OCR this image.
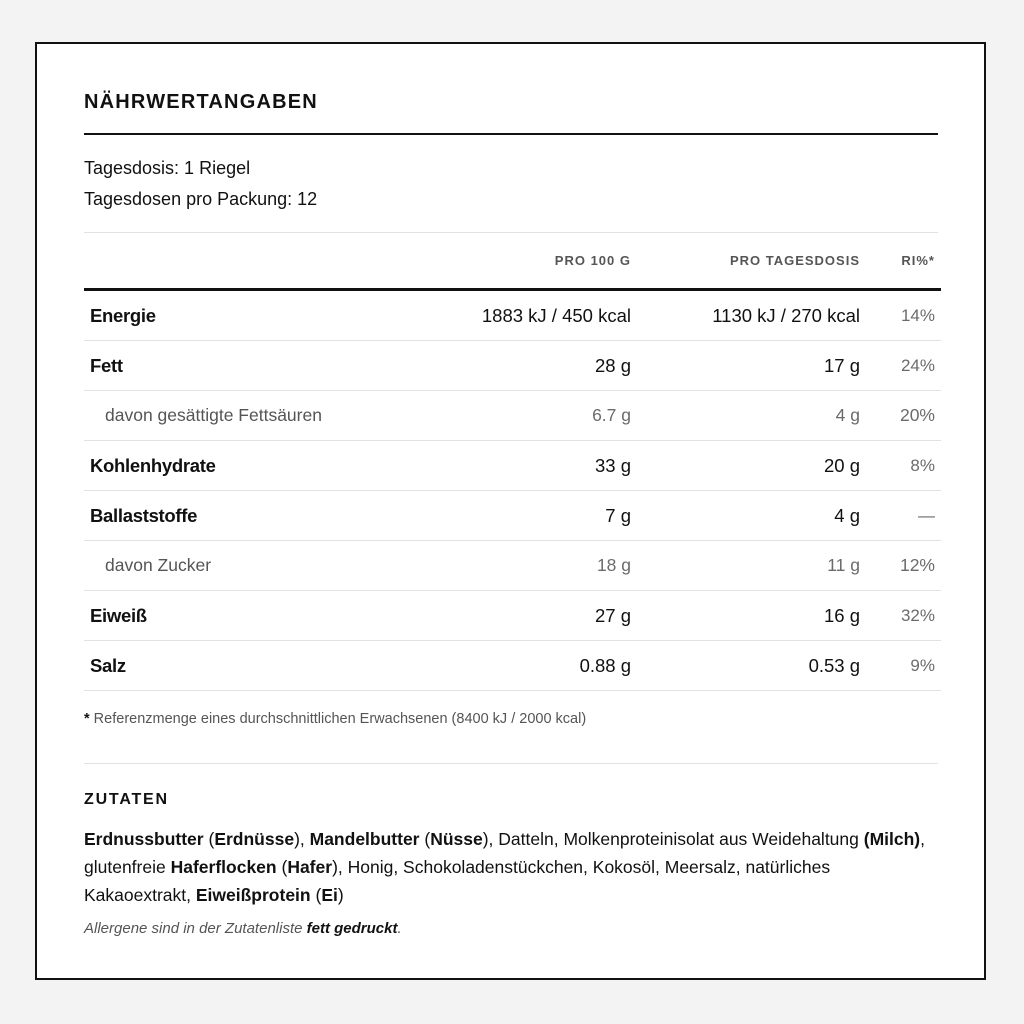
NÄHRWERTANGABEN
Tagesdosis: 1 Riegel
Tagesdosen pro Packung: 12
	PRO 100 G	PRO TAGESDOSIS	RI%*
Energie	1883 kJ / 450 kcal	1130 kJ / 270 kcal	14%
Fett	28 g	17 g	24%
davon gesättigte Fettsäuren	6.7 g	4 g	20%
Kohlenhydrate	33 g	20 g	8%
Ballaststoffe	7 g	4 g	—
davon Zucker	18 g	11 g	12%
Eiweiß	27 g	16 g	32%
Salz	0.88 g	0.53 g	9%
* Referenzmenge eines durchschnittlichen Erwachsenen (8400 kJ / 2000 kcal)
ZUTATEN
Erdnussbutter (Erdnüsse), Mandelbutter (Nüsse), Datteln, Molkenproteinisolat aus Weidehaltung (Milch), glutenfreie Haferflocken (Hafer), Honig, Schokoladenstückchen, Kokosöl, Meersalz, natürliches Kakaoextrakt, Eiweißprotein (Ei)
Allergene sind in der Zutatenliste fett gedruckt.
